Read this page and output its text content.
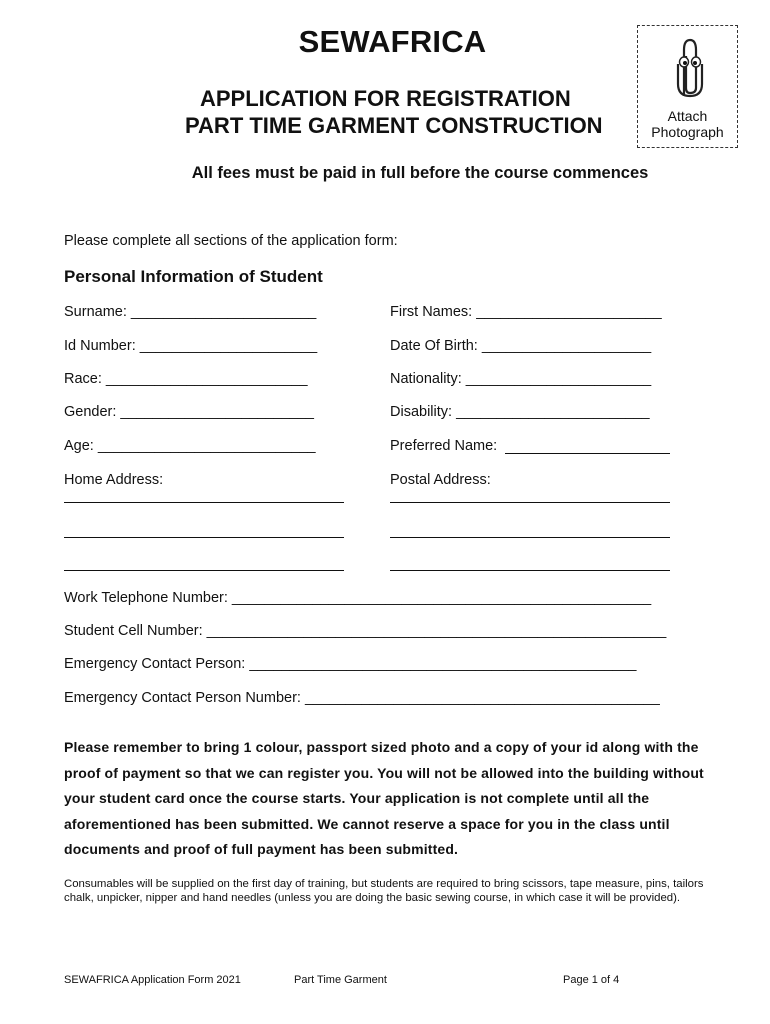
SEWAFRICA
APPLICATION FOR REGISTRATION
PART TIME GARMENT CONSTRUCTION	Attach
Photograph
All fees must be paid in full before the course commences
Please complete all sections of the application form:
Personal Information of Student
Surname: _______________________	First Names: _______________________
Id Number: ______________________	Date Of Birth: _____________________
Race: _________________________	Nationality: _______________________
Gender: ________________________	Disability: ________________________
Age: ___________________________	Preferred Name:
Home Address:	Postal Address:
Work Telephone Number: ____________________________________________________
Student Cell Number: _________________________________________________________
Emergency Contact Person: ________________________________________________
Emergency Contact Person Number: ____________________________________________
Please remember to bring 1 colour, passport sized photo and a copy of your id along with the proof of payment so that we can register you. You will not be allowed into the building without your student card once the course starts. Your application is not complete until all the aforementioned has been submitted. We cannot reserve a space for you in the class until documents and proof of full payment has been submitted.
Consumables will be supplied on the first day of training, but students are required to bring scissors, tape measure, pins, tailors chalk, unpicker, nipper and hand needles (unless you are doing the basic sewing course, in which case it will be provided).
SEWAFRICA Application Form 2021	Part Time Garment	Page 1 of 4
